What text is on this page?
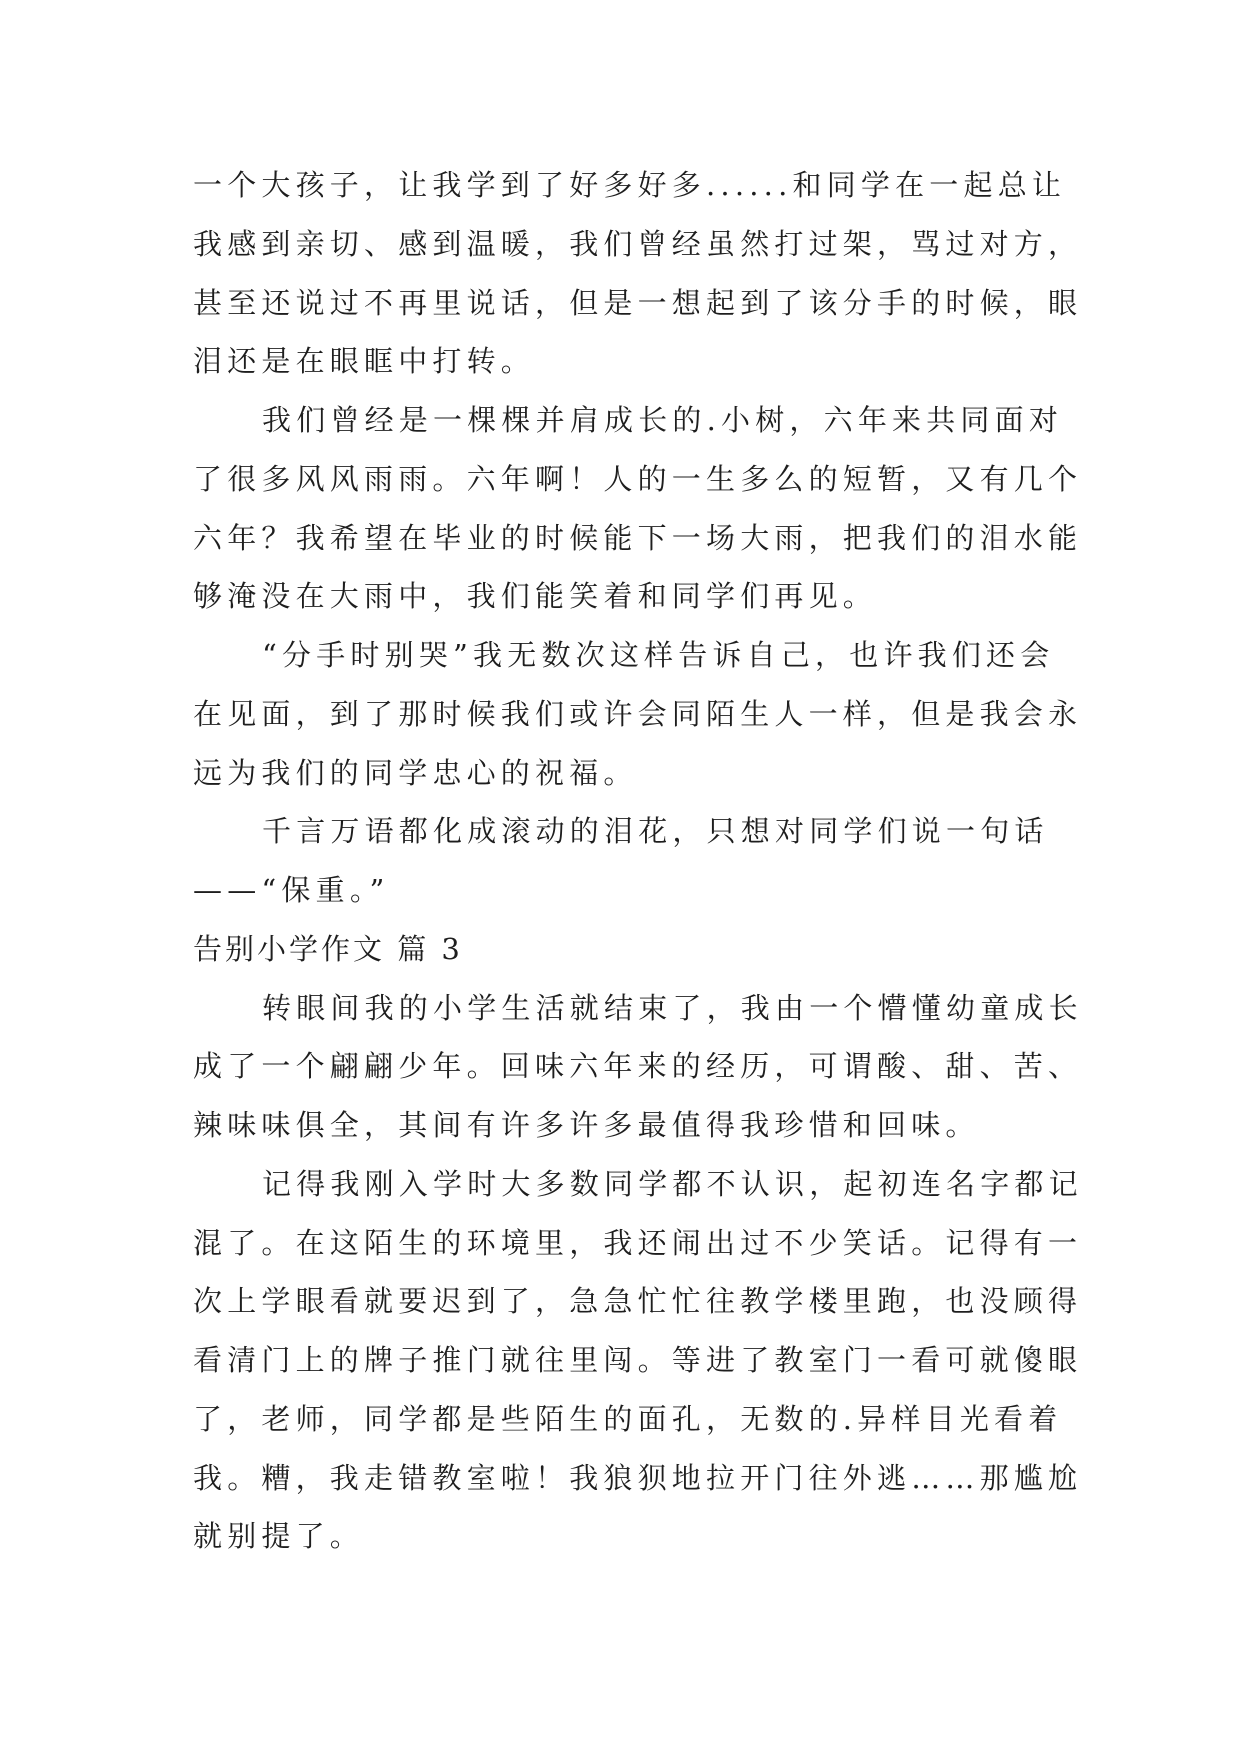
一个大孩子，让我学到了好多好多......和同学在一起总让
我感到亲切、感到温暖，我们曾经虽然打过架，骂过对方，
甚至还说过不再里说话，但是一想起到了该分手的时候，眼
泪还是在眼眶中打转。
我们曾经是一棵棵并肩成长的.小树，六年来共同面对
了很多风风雨雨。六年啊！人的一生多么的短暂，又有几个
六年？我希望在毕业的时候能下一场大雨，把我们的泪水能
够淹没在大雨中，我们能笑着和同学们再见。
“分手时别哭”我无数次这样告诉自己，也许我们还会
在见面，到了那时候我们或许会同陌生人一样，但是我会永
远为我们的同学忠心的祝福。
千言万语都化成滚动的泪花，只想对同学们说一句话
——“保重。”
告别小学作文 篇 3
转眼间我的小学生活就结束了，我由一个懵懂幼童成长
成了一个翩翩少年。回味六年来的经历，可谓酸、甜、苦、
辣味味俱全，其间有许多许多最值得我珍惜和回味。
记得我刚入学时大多数同学都不认识，起初连名字都记
混了。在这陌生的环境里，我还闹出过不少笑话。记得有一
次上学眼看就要迟到了，急急忙忙往教学楼里跑，也没顾得
看清门上的牌子推门就往里闯。等进了教室门一看可就傻眼
了，老师，同学都是些陌生的面孔，无数的.异样目光看着
我。糟，我走错教室啦！我狼狈地拉开门往外逃……那尴尬
就别提了。
